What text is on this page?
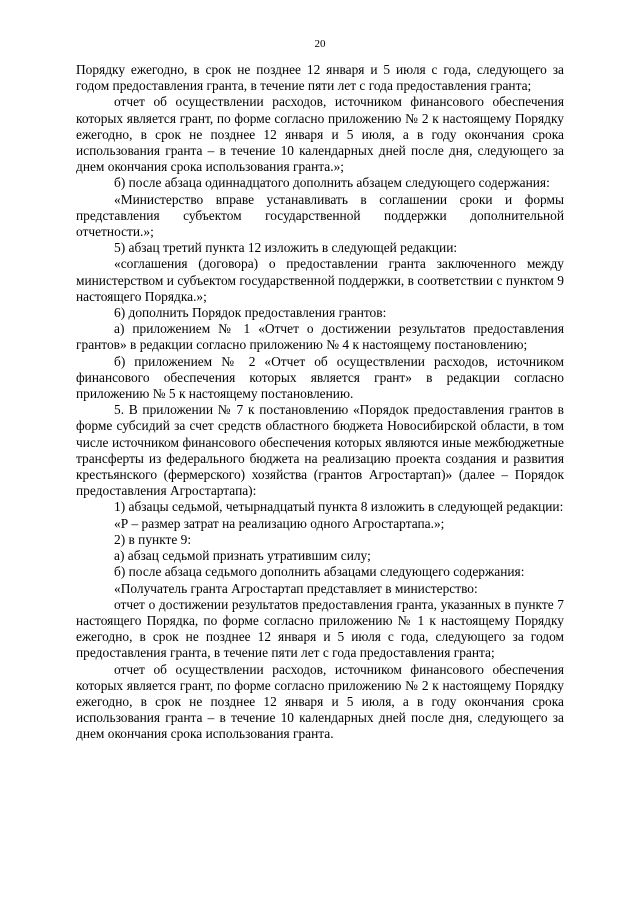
20

Порядку ежегодно, в срок не позднее 12 января и 5 июля с года, следующего за годом предоставления гранта, в течение пяти лет с года предоставления гранта;

отчет об осуществлении расходов, источником финансового обеспечения которых является грант, по форме согласно приложению № 2 к настоящему Порядку ежегодно, в срок не позднее 12 января и 5 июля, а в году окончания срока использования гранта – в течение 10 календарных дней после дня, следующего за днем окончания срока использования гранта.»;

б) после абзаца одиннадцатого дополнить абзацем следующего содержания:

«Министерство вправе устанавливать в соглашении сроки и формы представления субъектом государственной поддержки дополнительной отчетности.»;

5) абзац третий пункта 12 изложить в следующей редакции:

«соглашения (договора) о предоставлении гранта заключенного между министерством и субъектом государственной поддержки, в соответствии с пунктом 9 настоящего Порядка.»;

6) дополнить Порядок предоставления грантов:

а) приложением № 1 «Отчет о достижении результатов предоставления грантов» в редакции согласно приложению № 4 к настоящему постановлению;

б) приложением № 2 «Отчет об осуществлении расходов, источником финансового обеспечения которых является грант» в редакции согласно приложению № 5 к настоящему постановлению.

5. В приложении № 7 к постановлению «Порядок предоставления грантов в форме субсидий за счет средств областного бюджета Новосибирской области, в том числе источником финансового обеспечения которых являются иные межбюджетные трансферты из федерального бюджета на реализацию проекта создания и развития крестьянского (фермерского) хозяйства (грантов Агростартап)» (далее – Порядок предоставления Агростартапа):

1) абзацы седьмой, четырнадцатый пункта 8 изложить в следующей редакции:

«Р – размер затрат на реализацию одного Агростартапа.»;

2) в пункте 9:

а) абзац седьмой признать утратившим силу;

б) после абзаца седьмого дополнить абзацами следующего содержания:

«Получатель гранта Агростартап представляет в министерство:

отчет о достижении результатов предоставления гранта, указанных в пункте 7 настоящего Порядка, по форме согласно приложению № 1 к настоящему Порядку ежегодно, в срок не позднее 12 января и 5 июля с года, следующего за годом предоставления гранта, в течение пяти лет с года предоставления гранта;

отчет об осуществлении расходов, источником финансового обеспечения которых является грант, по форме согласно приложению № 2 к настоящему Порядку ежегодно, в срок не позднее 12 января и 5 июля, а в году окончания срока использования гранта – в течение 10 календарных дней после дня, следующего за днем окончания срока использования гранта.
